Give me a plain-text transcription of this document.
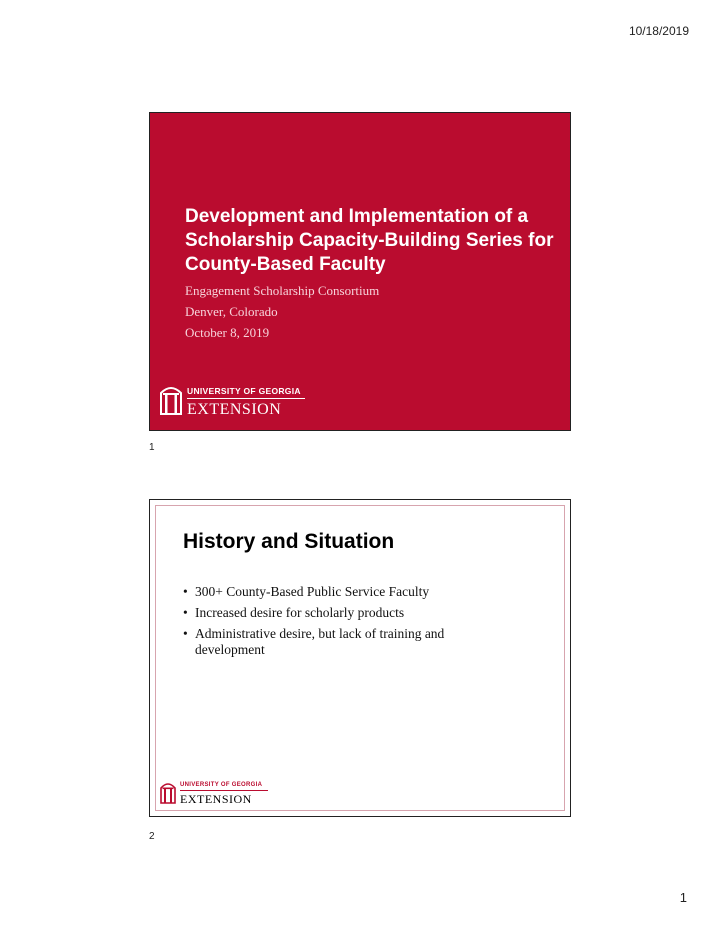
10/18/2019
Development and Implementation of a Scholarship Capacity-Building Series for County-Based Faculty
Engagement Scholarship Consortium
Denver, Colorado
October 8, 2019
UNIVERSITY OF GEORGIA
EXTENSION
1
History and Situation
• 300+ County-Based Public Service Faculty
• Increased desire for scholarly products
• Administrative desire, but lack of training and development
UNIVERSITY OF GEORGIA
EXTENSION
2
1
